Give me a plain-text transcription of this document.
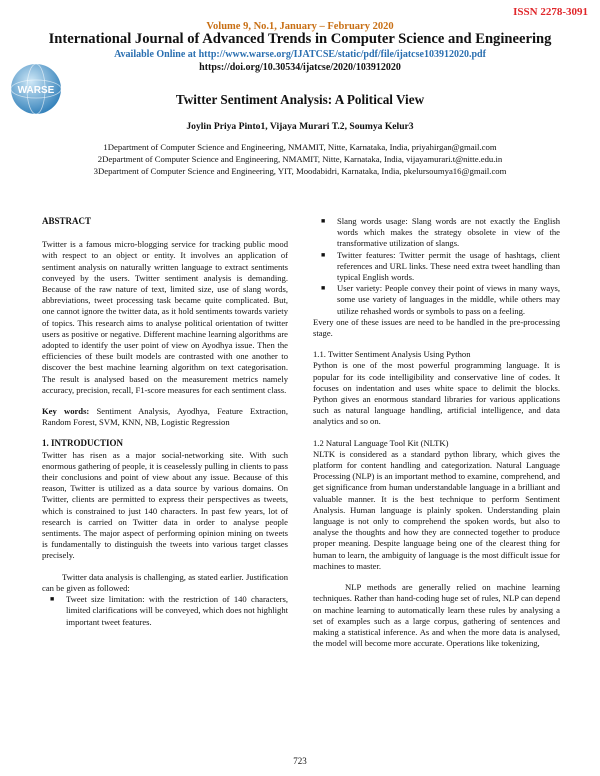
ISSN 2278-3091
Volume 9, No.1, January – February 2020
International Journal of Advanced Trends in Computer Science and Engineering
Available Online at http://www.warse.org/IJATCSE/static/pdf/file/ijatcse103912020.pdf
https://doi.org/10.30534/ijatcse/2020/103912020
WARSE
Twitter Sentiment Analysis: A Political View
Joylin Priya Pinto1, Vijaya Murari T.2, Soumya Kelur3
1Department of Computer Science and Engineering, NMAMIT, Nitte, Karnataka, India, priyahirgan@gmail.com
2Department of Computer Science and Engineering, NMAMIT, Nitte, Karnataka, India, vijayamurari.t@nitte.edu.in
3Department of Computer Science and Engineering, YIT, Moodabidri, Karnataka, India, pkelursoumya16@gmail.com
ABSTRACT

Twitter is a famous micro-blogging service for tracking public mood with respect to an object or entity. It involves an application of sentiment analysis on naturally written language to extract sentiments conveyed by the users. Twitter sentiment analysis is demanding. Because of the raw nature of text, limited size, use of slang words, abbreviations, tweet processing task became quite complicated. But, one cannot ignore the twitter data, as it hold sentiments towards variety of topics. This research aims to analyse political orientation of twitter users as positive or negative. Different machine learning algorithms are adopted to identify the user point of view on Ayodhya issue. Then the efficiencies of these built models are contrasted with one another to discover the best machine learning algorithm on text categorisation. The result is analysed based on the measurement metrics namely accuracy, precision, recall, F1-score measures for each sentiment class.

Key words: Sentiment Analysis, Ayodhya, Feature Extraction, Random Forest, SVM, KNN, NB, Logistic Regression

1. INTRODUCTION

Twitter has risen as a major social-networking site. With such enormous gathering of people, it is ceaselessly pulling in clients to pass their conclusions and point of view about any issue. Because of this reason, Twitter is utilized as a data source by various domains. On Twitter, clients are permitted to express their perspectives as tweets, which is constrained to just 140 characters. In past few years, lot of research is carried on Twitter data in order to analyse people sentiments. The major aspect of performing opinion mining on tweets is fundamentally to distinguish the tweets into various target classes precisely.

Twitter data analysis is challenging, as stated earlier. Justification can be given as followed:

■ Tweet size limitation: with the restriction of 140 characters, limited clarifications will be conveyed, which does not highlight important tweet features.
■ Slang words usage: Slang words are not exactly the English words which makes the strategy obsolete in view of the transformative utilization of slangs.
■ Twitter features: Twitter permit the usage of hashtags, client references and URL links. These need extra tweet handling than typical English words.
■ User variety: People convey their point of views in many ways, some use variety of languages in the middle, while others may utilize rehashed words or symbols to pass on a feeling.

Every one of these issues are need to be handled in the pre-processing stage.

1.1. Twitter Sentiment Analysis Using Python

Python is one of the most powerful programming language. It is popular for its code intelligibility and conservative line of codes. It focuses on indentation and uses white space to delimit the blocks. Python gives an enormous standard libraries for various applications such as natural language handling, artificial intelligence, and data analytics and so on.

1.2 Natural Language Tool Kit (NLTK)

NLTK is considered as a standard python library, which gives the platform for content handling and categorization. Natural Language Processing (NLP) is an important method to examine, comprehend, and get significance from human understandable language in a brilliant and valuable manner. It is the best technique to perform Sentiment Analysis. Human language is plainly spoken. Understanding plain language is not only to comprehend the spoken words, but also to analyse the thoughts and how they are connected together to produce proper meaning. Despite language being one of the clearest thing for human to learn, the ambiguity of language is the most difficult issue for machines to master.

NLP methods are generally relied on machine learning techniques. Rather than hand-coding huge set of rules, NLP can depend on machine learning to automatically learn these rules by analysing a set of examples such as a large corpus, gathering of sentences and making a statistical inference. As and when the more data is analysed, the model will become more accurate. Operations like tokenizing,

723
